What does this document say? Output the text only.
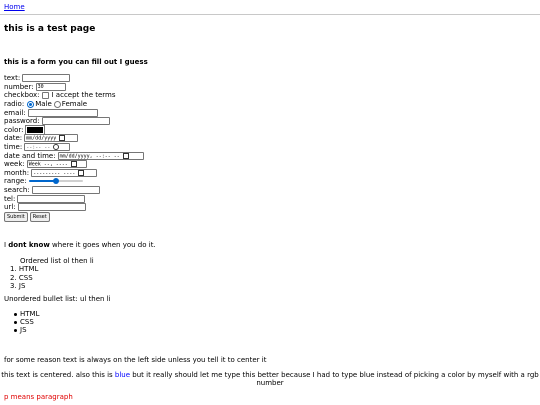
Home
this is a test page
this is a form you can fill out I guess
text:
number: 30
checkbox: I accept the terms
radio: Male Female
email:
password:
color:
date: mm/dd/yyyy
time: --:-- --
date and time: mm/dd/yyyy, --:-- --
week: Week --, ----
month: --------- ----
range:
search:
tel:
url:
Submit	Reset
I dont know where it goes when you do it.
Ordered list ol then li
1. HTML
2. CSS
3. JS
Unordered bullet list: ul then li
HTML
CSS
JS
for some reason text is always on the left side unless you tell it to center it
this text is centered. also this is blue but it really should let me type this better because I had to type blue instead of picking a color by myself with a rgb number
p means paragraph
